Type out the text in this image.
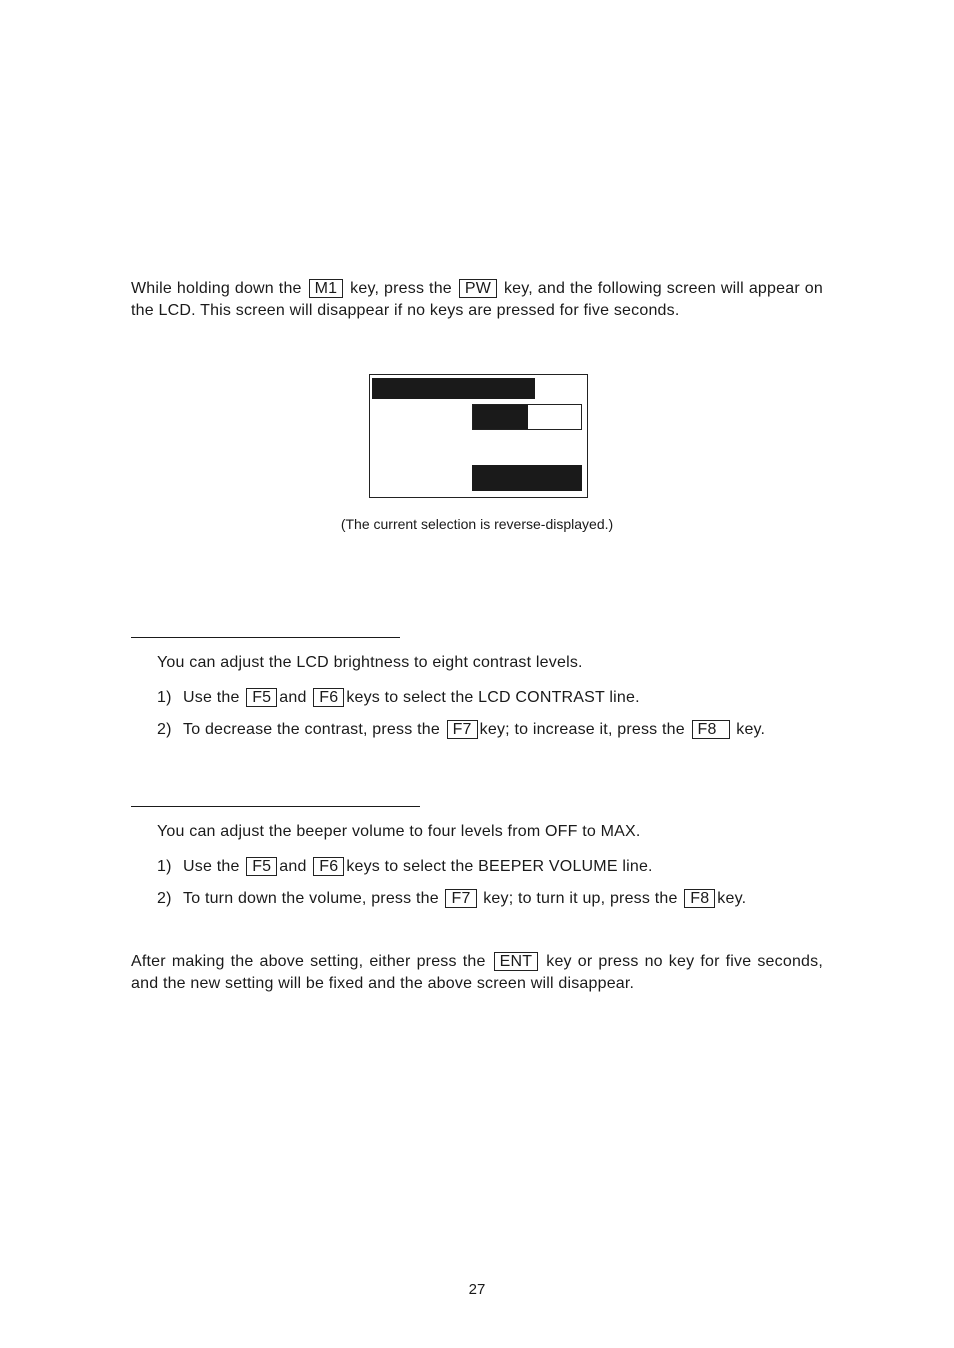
While holding down the M1 key, press the PW key, and the following screen will appear on the LCD. This screen will disappear if no keys are pressed for five seconds.

(The current selection is reverse-displayed.)
You can adjust the LCD brightness to eight contrast levels.
1) Use the F5 and F6 keys to select the LCD CONTRAST line.
2) To decrease the contrast, press the F7 key; to increase it, press the F8 key.
You can adjust the beeper volume to four levels from OFF to MAX.
1) Use the F5 and F6 keys to select the BEEPER VOLUME line.
2) To turn down the volume, press the F7 key; to turn it up, press the F8 key.

After making the above setting, either press the ENT key or press no key for five seconds, and the new setting will be fixed and the above screen will disappear.

27
